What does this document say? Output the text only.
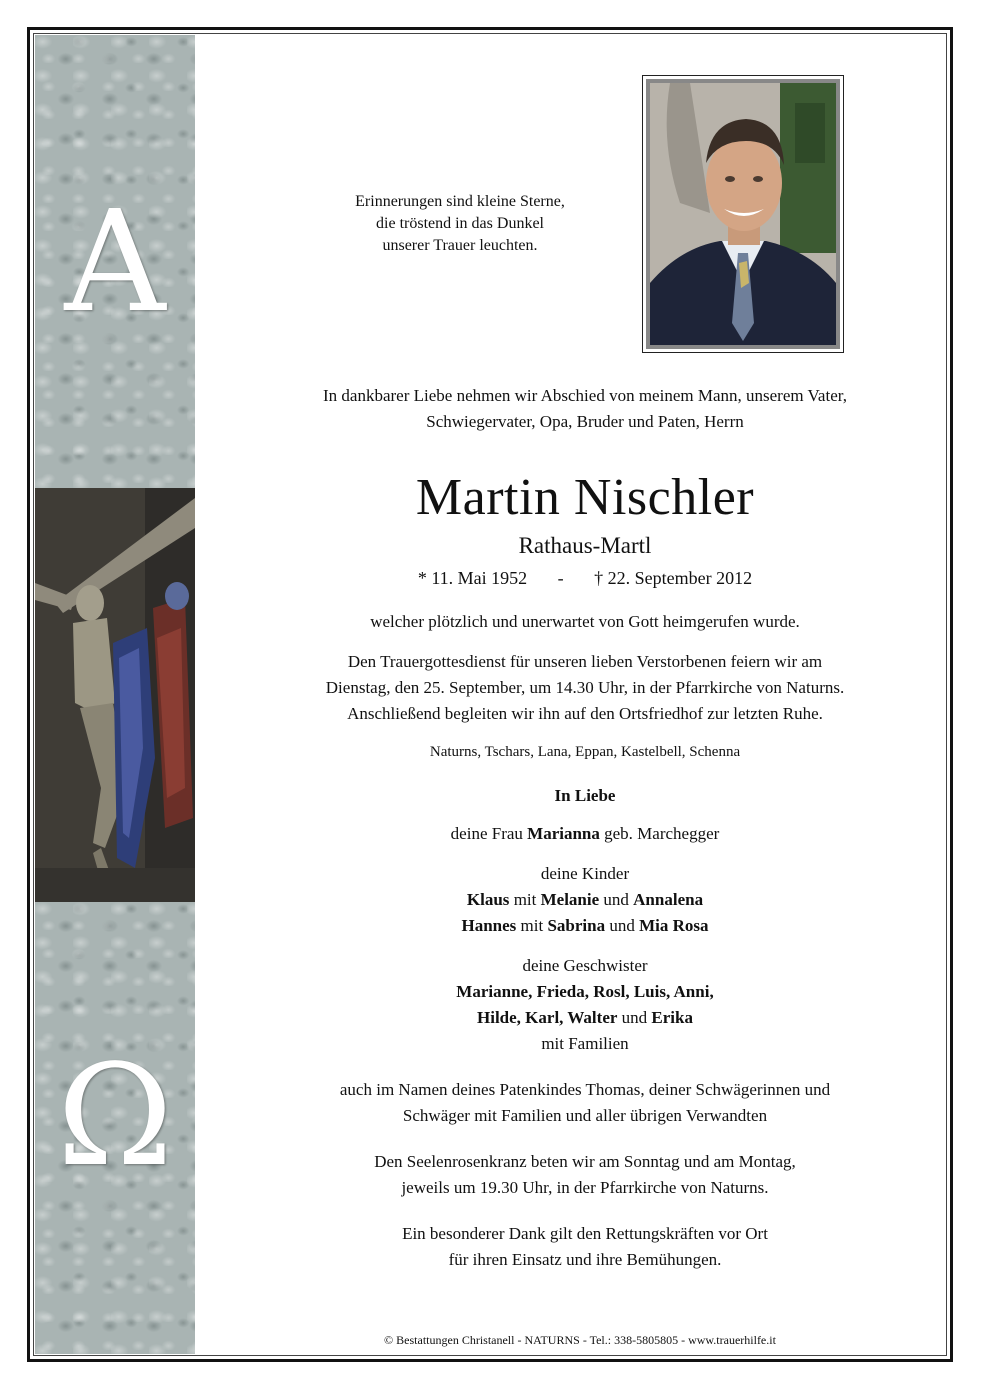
A
Ω
Erinnerungen sind kleine Sterne,
die tröstend in das Dunkel
unserer Trauer leuchten.
In dankbarer Liebe nehmen wir Abschied von meinem Mann, unserem Vater,
Schwiegervater, Opa, Bruder und Paten, Herrn
Martin Nischler
Rathaus-Martl
* 11. Mai 1952 - † 22. September 2012
welcher plötzlich und unerwartet von Gott heimgerufen wurde.
Den Trauergottesdienst für unseren lieben Verstorbenen feiern wir am
Dienstag, den 25. September, um 14.30 Uhr, in der Pfarrkirche von Naturns.
Anschließend begleiten wir ihn auf den Ortsfriedhof zur letzten Ruhe.
Naturns, Tschars, Lana, Eppan, Kastelbell, Schenna
In Liebe
deine Frau Marianna geb. Marchegger
deine Kinder
Klaus mit Melanie und Annalena
Hannes mit Sabrina und Mia Rosa
deine Geschwister
Marianne, Frieda, Rosl, Luis, Anni,
Hilde, Karl, Walter und Erika
mit Familien
auch im Namen deines Patenkindes Thomas, deiner Schwägerinnen und
Schwäger mit Familien und aller übrigen Verwandten
Den Seelenrosenkranz beten wir am Sonntag und am Montag,
jeweils um 19.30 Uhr, in der Pfarrkirche von Naturns.
Ein besonderer Dank gilt den Rettungskräften vor Ort
für ihren Einsatz und ihre Bemühungen.
© Bestattungen Christanell - NATURNS - Tel.: 338-5805805 - www.trauerhilfe.it
